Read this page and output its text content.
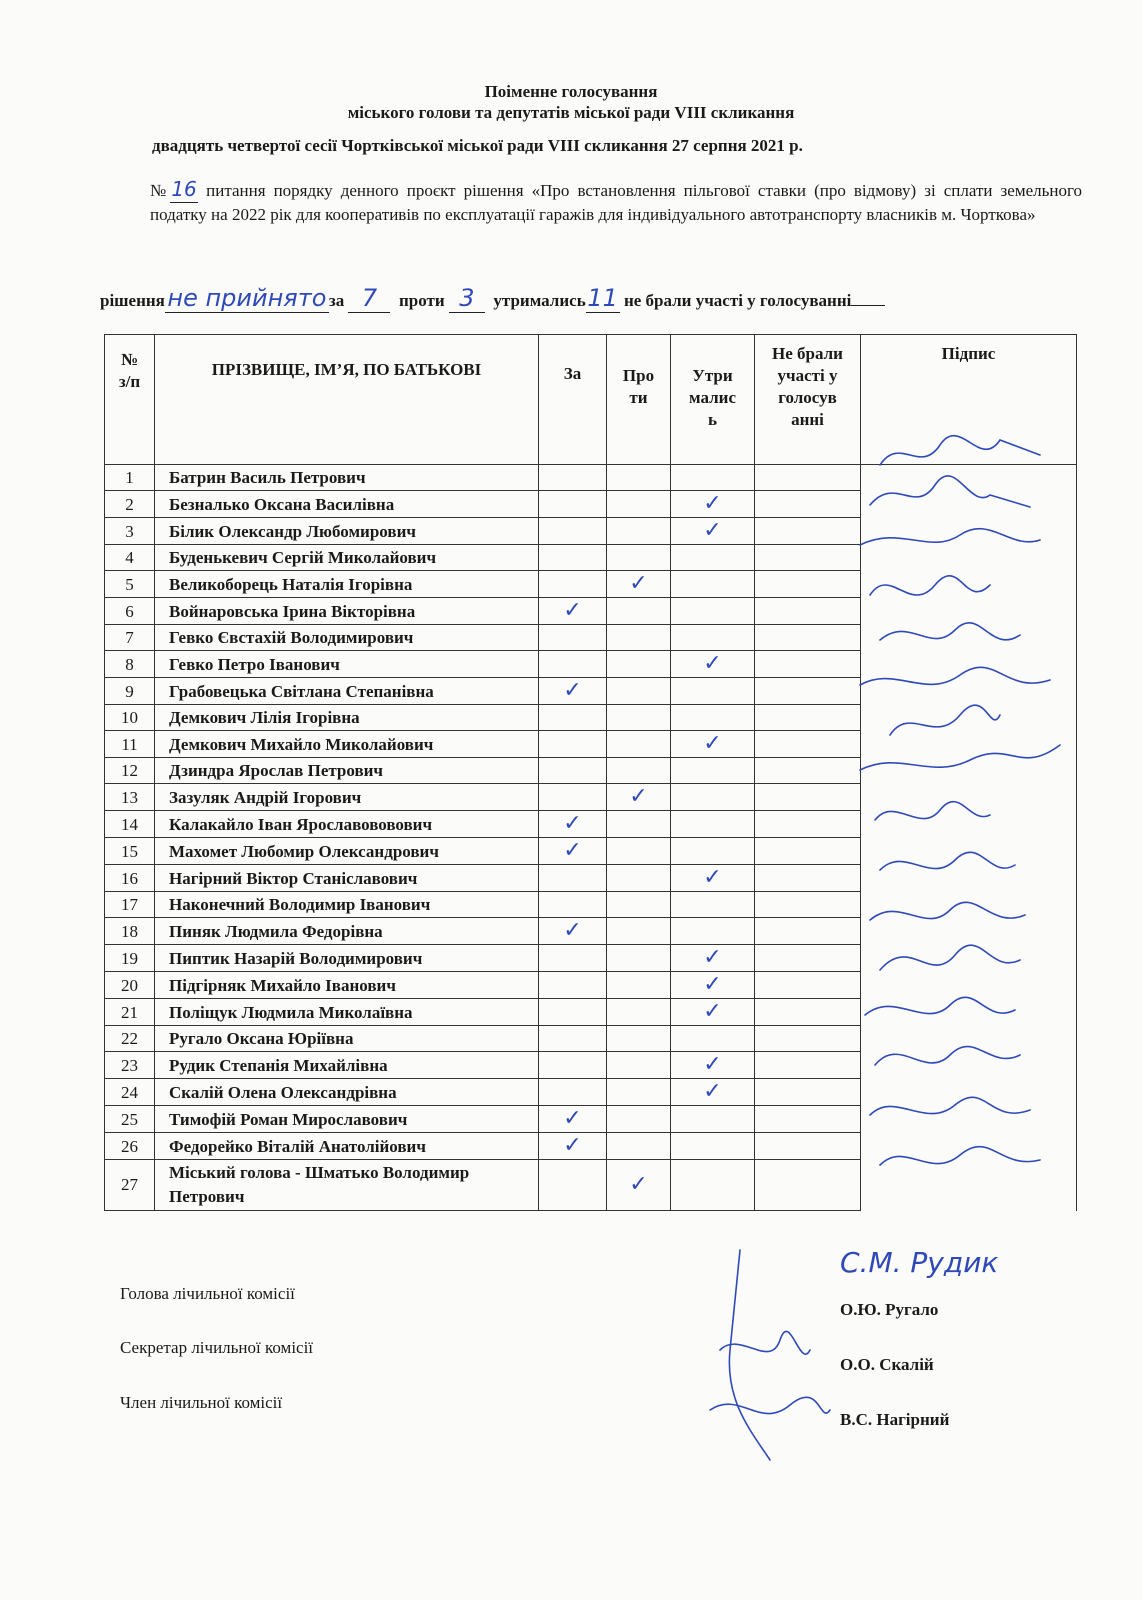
Поіменне голосування
міського голови та депутатів міської ради VIII скликання
двадцять четвертої сесії Чортківської міської ради VIII скликання 27 серпня 2021 р.
№16 питання порядку денного проєкт рішення «Про встановлення пільгової ставки (про відмову) зі сплати земельного податку на 2022 рік для кооперативів по експлуатації гаражів для індивідуального автотранспорту власників м. Чорткова»
рішення не прийнято за 7 проти 3 утримались11 не брали участі у голосуванні
№ з/п	ПРІЗВИЩЕ, ІМ’Я, ПО БАТЬКОВІ	За	Про ти	Утри малис ь	Не брали участі у голосув анні	Підпис
1	Батрин Василь Петрович					
2	Безналько Оксана Василівна			✓		
3	Білик Олександр Любомирович			✓		
4	Буденькевич Сергій Миколайович					
5	Великоборець Наталія Ігорівна		✓			
6	Войнаровська Ірина Вікторівна	✓				
7	Гевко Євстахій Володимирович					
8	Гевко Петро Іванович			✓		
9	Грабовецька Світлана Степанівна	✓				
10	Демкович Лілія Ігорівна					
11	Демкович Михайло Миколайович			✓		
12	Дзиндра Ярослав Петрович					
13	Зазуляк Андрій Ігорович		✓			
14	Калакайло Іван Ярославововович	✓				
15	Махомет Любомир Олександрович	✓				
16	Нагірний Віктор Станіславович			✓		
17	Наконечний Володимир Іванович					
18	Пиняк Людмила Федорівна	✓				
19	Пиптик Назарій Володимирович			✓		
20	Підгірняк Михайло Іванович			✓		
21	Поліщук Людмила Миколаївна			✓		
22	Ругало Оксана Юріївна					
23	Рудик Степанія Михайлівна			✓		
24	Скалій Олена Олександрівна			✓		
25	Тимофій Роман Мирославович	✓				
26	Федорейко Віталій Анатолійович	✓				
27	Міський голова - Шматько Володимир Петрович		✓			
С.М. Рудик
Голова лічильної комісії
О.Ю. Ругало
Секретар лічильної комісії
О.О. Скалій
Член лічильної комісії
В.С. Нагірний
